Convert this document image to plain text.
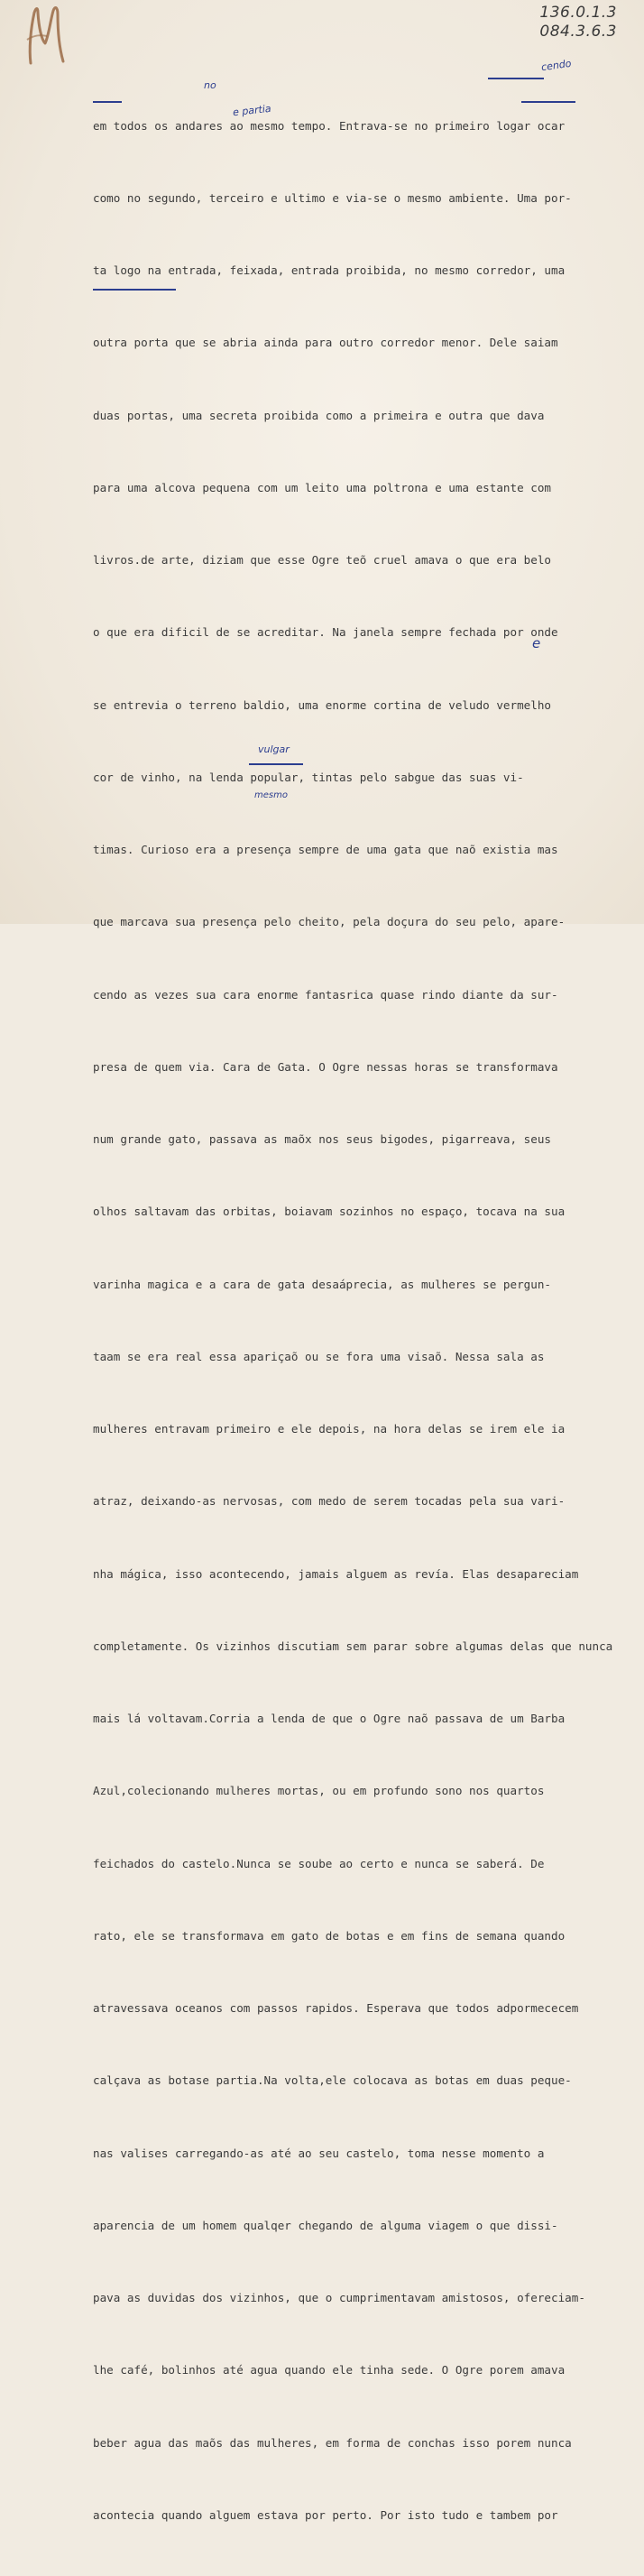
136.0.1.3
084.3.6.3

em todos os andares ao mesmo tempo. Entrava-se no primeiro logar ocar

como no segundo, terceiro e ultimo e via-se o mesmo ambiente. Uma por-

ta logo na entrada, feixada, entrada proibida, no mesmo corredor, uma

outra porta que se abria ainda para outro corredor menor. Dele saiam

duas portas, uma secreta proibida como a primeira e outra que dava

para uma alcova pequena com um leito uma poltrona e uma estante com

livros.de arte, diziam que esse Ogre teõ cruel amava o que era belo

o que era dificil de se acreditar. Na janela sempre fechada por onde

se entrevia o terreno baldio, uma enorme cortina de veludo vermelho

cor de vinho, na lenda popular, tintas pelo sabgue das suas vi-

timas. Curioso era a presença sempre de uma gata que naõ existia mas

que marcava sua presença pelo cheito, pela doçura do seu pelo, apare-

cendo as vezes sua cara enorme fantasrica quase rindo diante da sur-

presa de quem via. Cara de Gata. O Ogre nessas horas se transformava

num grande gato, passava as maõx nos seus bigodes, pigarreava, seus

olhos saltavam das orbitas, boiavam sozinhos no espaço, tocava na sua

varinha magica e a cara de gata desaáprecia, as mulheres se pergun-

taam se era real essa apariçaõ ou se fora uma visaõ. Nessa sala as

mulheres entravam primeiro e ele depois, na hora delas se irem ele ia

atraz, deixando-as nervosas, com medo de serem tocadas pela sua vari-

nha mágica, isso acontecendo, jamais alguem as revía. Elas desapareciam

completamente. Os vizinhos discutiam sem parar sobre algumas delas que nunca

mais lá voltavam.Corria a lenda de que o Ogre naõ passava de um Barba

Azul,colecionando mulheres mortas, ou em profundo sono nos quartos

feichados do castelo.Nunca se soube ao certo e nunca se saberá. De

rato, ele se transformava em gato de botas e em fins de semana quando

atravessava oceanos com passos rapidos. Esperava que todos adpormececem

calçava as botase partia.Na volta,ele colocava as botas em duas peque-

nas valises carregando-as até ao seu castelo, toma nesse momento a

aparencia de um homem qualqer chegando de alguma viagem o que dissi-

pava as duvidas dos vizinhos, que o cumprimentavam amistosos, ofereciam-

lhe café, bolinhos até agua quando ele tinha sede. O Ogre porem amava

beber agua das maõs das mulheres, em forma de conchas isso porem nunca

acontecia quando alguem estava por perto. Por isto tudo e tambem por

cendo
no
e partia
e
vulgar
mesmo
